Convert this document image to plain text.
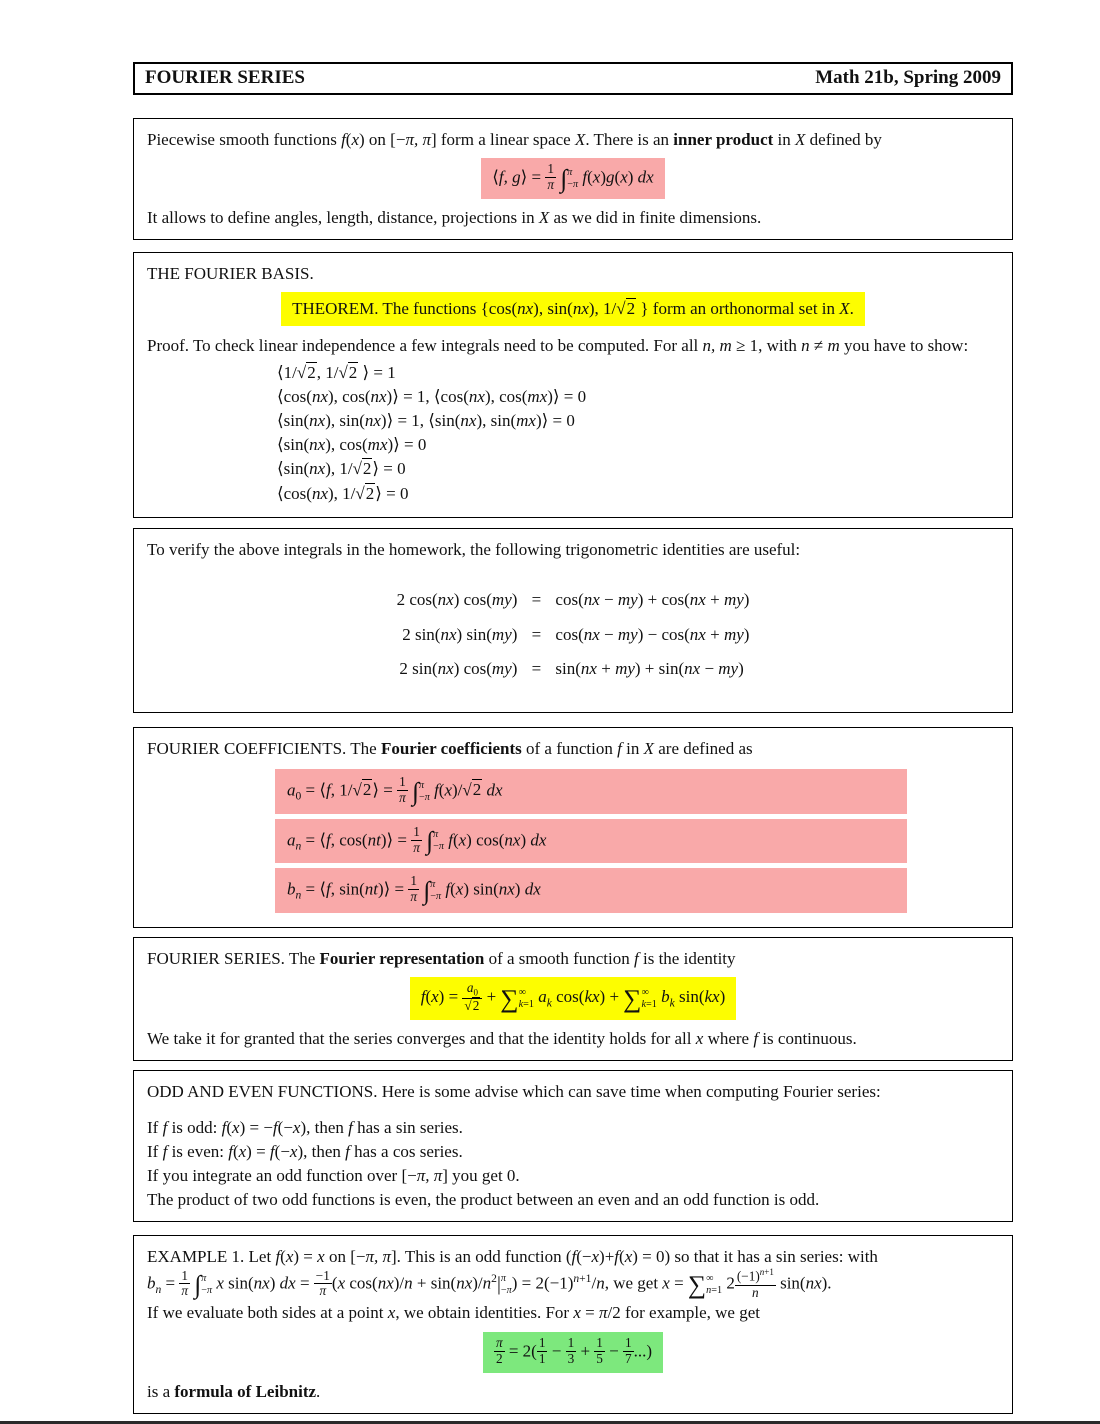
FOURIER SERIES	Math 21b, Spring 2009
Piecewise smooth functions f(x) on [−π, π] form a linear space X. There is an inner product in X defined by
⟨f, g⟩ = $\frac{1}{\pi}$ ∫ π
−π f(x)g(x) dx
It allows to define angles, length, distance, projections in X as we did in finite dimensions.
THE FOURIER BASIS.
THEOREM. The functions {cos(nx), sin(nx), 1/√2 } form an orthonormal set in X.
Proof. To check linear independence a few integrals need to be computed. For all n, m ≥ 1, with n ≠ m you have to show:
⟨1/√2, 1/√2 ⟩ = 1
⟨cos(nx), cos(nx)⟩ = 1, ⟨cos(nx), cos(mx)⟩ = 0
⟨sin(nx), sin(nx)⟩ = 1, ⟨sin(nx), sin(mx)⟩ = 0
⟨sin(nx), cos(mx)⟩ = 0
⟨sin(nx), 1/√2⟩ = 0
⟨cos(nx), 1/√2⟩ = 0
To verify the above integrals in the homework, the following trigonometric identities are useful:
2 cos(nx) cos(my) = cos(nx − my) + cos(nx + my)
2 sin(nx) sin(my) = cos(nx − my) − cos(nx + my)
2 sin(nx) cos(my) = sin(nx + my) + sin(nx − my)
FOURIER COEFFICIENTS. The Fourier coefficients of a function f in X are defined as
$a_0$ = ⟨f, 1/√2⟩ = $\frac{1}{\pi}$ ∫ π
−π f(x)/√2 dx
$a_n$ = ⟨f, cos(nt)⟩ = $\frac{1}{\pi}$ ∫ π
−π f(x) cos(nx) dx
$b_n$ = ⟨f, sin(nt)⟩ = $\frac{1}{\pi}$ ∫ π
−π f(x) sin(nx) dx
FOURIER SERIES. The Fourier representation of a smooth function f is the identity
$f(x) = \frac{a_0}{√2}$ + ∑ ∞
k=1 $a_k$ cos(kx) + ∑ ∞
k=1 $b_k$ sin(kx)
We take it for granted that the series converges and that the identity holds for all x where f is continuous.
ODD AND EVEN FUNCTIONS. Here is some advise which can save time when computing Fourier series:
If f is odd: f(x) = −f(−x), then f has a sin series.
If f is even: f(x) = f(−x), then f has a cos series.
If you integrate an odd function over [−π, π] you get 0.
The product of two odd functions is even, the product between an even and an odd function is odd.
EXAMPLE 1. Let f(x) = x on [−π, π]. This is an odd function (f(−x)+f(x) = 0) so that it has a sin series: with
$b_n = \frac{1}{\pi}$ ∫ π
−π x sin(nx) dx = $\frac{-1}{\pi} (x$ $\cos(nx)/n + \sin(nx)/n^2|$ π
−π ) = $2(-1)^{n+1}/n$, we get x = ∑ ∞
n=1 $2 \frac{(-1)^{n+1}}{n} \sin(nx)$.
If we evaluate both sides at a point x, we obtain identities. For x = π/2 for example, we get
$\frac{\pi}{2} = 2( \frac{1}{1} - \frac{1}{3} + \frac{1}{5} - \frac{1}{7}$ ...)
is a formula of Leibnitz.
